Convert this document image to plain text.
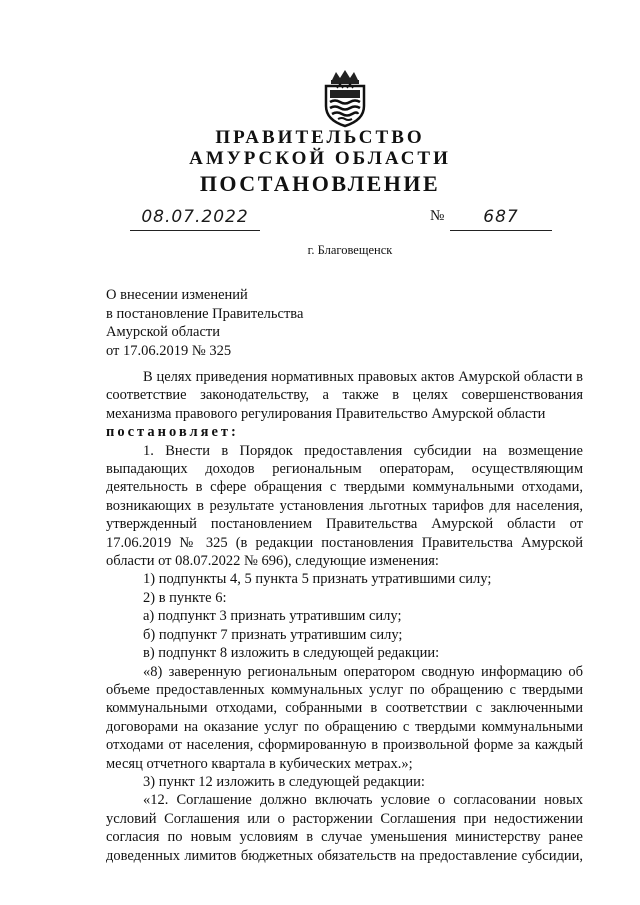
ПРАВИТЕЛЬСТВО
АМУРСКОЙ ОБЛАСТИ
ПОСТАНОВЛЕНИЕ
08.07.2022	№	687
г. Благовещенск
О внесении изменений
в постановление Правительства
Амурской области
от 17.06.2019 № 325
В целях приведения нормативных правовых актов Амурской области в
соответствие законодательству, а также в целях совершенствования
механизма правового регулирования Правительство Амурской области
постановляет:
1. Внести в Порядок предоставления субсидии на возмещение
выпадающих доходов региональным операторам, осуществляющим
деятельность в сфере обращения с твердыми коммунальными отходами,
возникающих в результате установления льготных тарифов для населения,
утвержденный постановлением Правительства Амурской области от
17.06.2019 № 325 (в редакции постановления Правительства Амурской
области от 08.07.2022 № 696), следующие изменения:
1) подпункты 4, 5 пункта 5 признать утратившими силу;
2) в пункте 6:
а) подпункт 3 признать утратившим силу;
б) подпункт 7 признать утратившим силу;
в) подпункт 8 изложить в следующей редакции:
«8) заверенную региональным оператором сводную информацию об
объеме предоставленных коммунальных услуг по обращению с твердыми
коммунальными отходами, собранными в соответствии с заключенными
договорами на оказание услуг по обращению с твердыми коммунальными
отходами от населения, сформированную в произвольной форме за каждый
месяц отчетного квартала в кубических метрах.»;
3) пункт 12 изложить в следующей редакции:
«12. Соглашение должно включать условие о согласовании новых
условий Соглашения или о расторжении Соглашения при недостижении
согласия по новым условиям в случае уменьшения министерству ранее
доведенных лимитов бюджетных обязательств на предоставление субсидии,
